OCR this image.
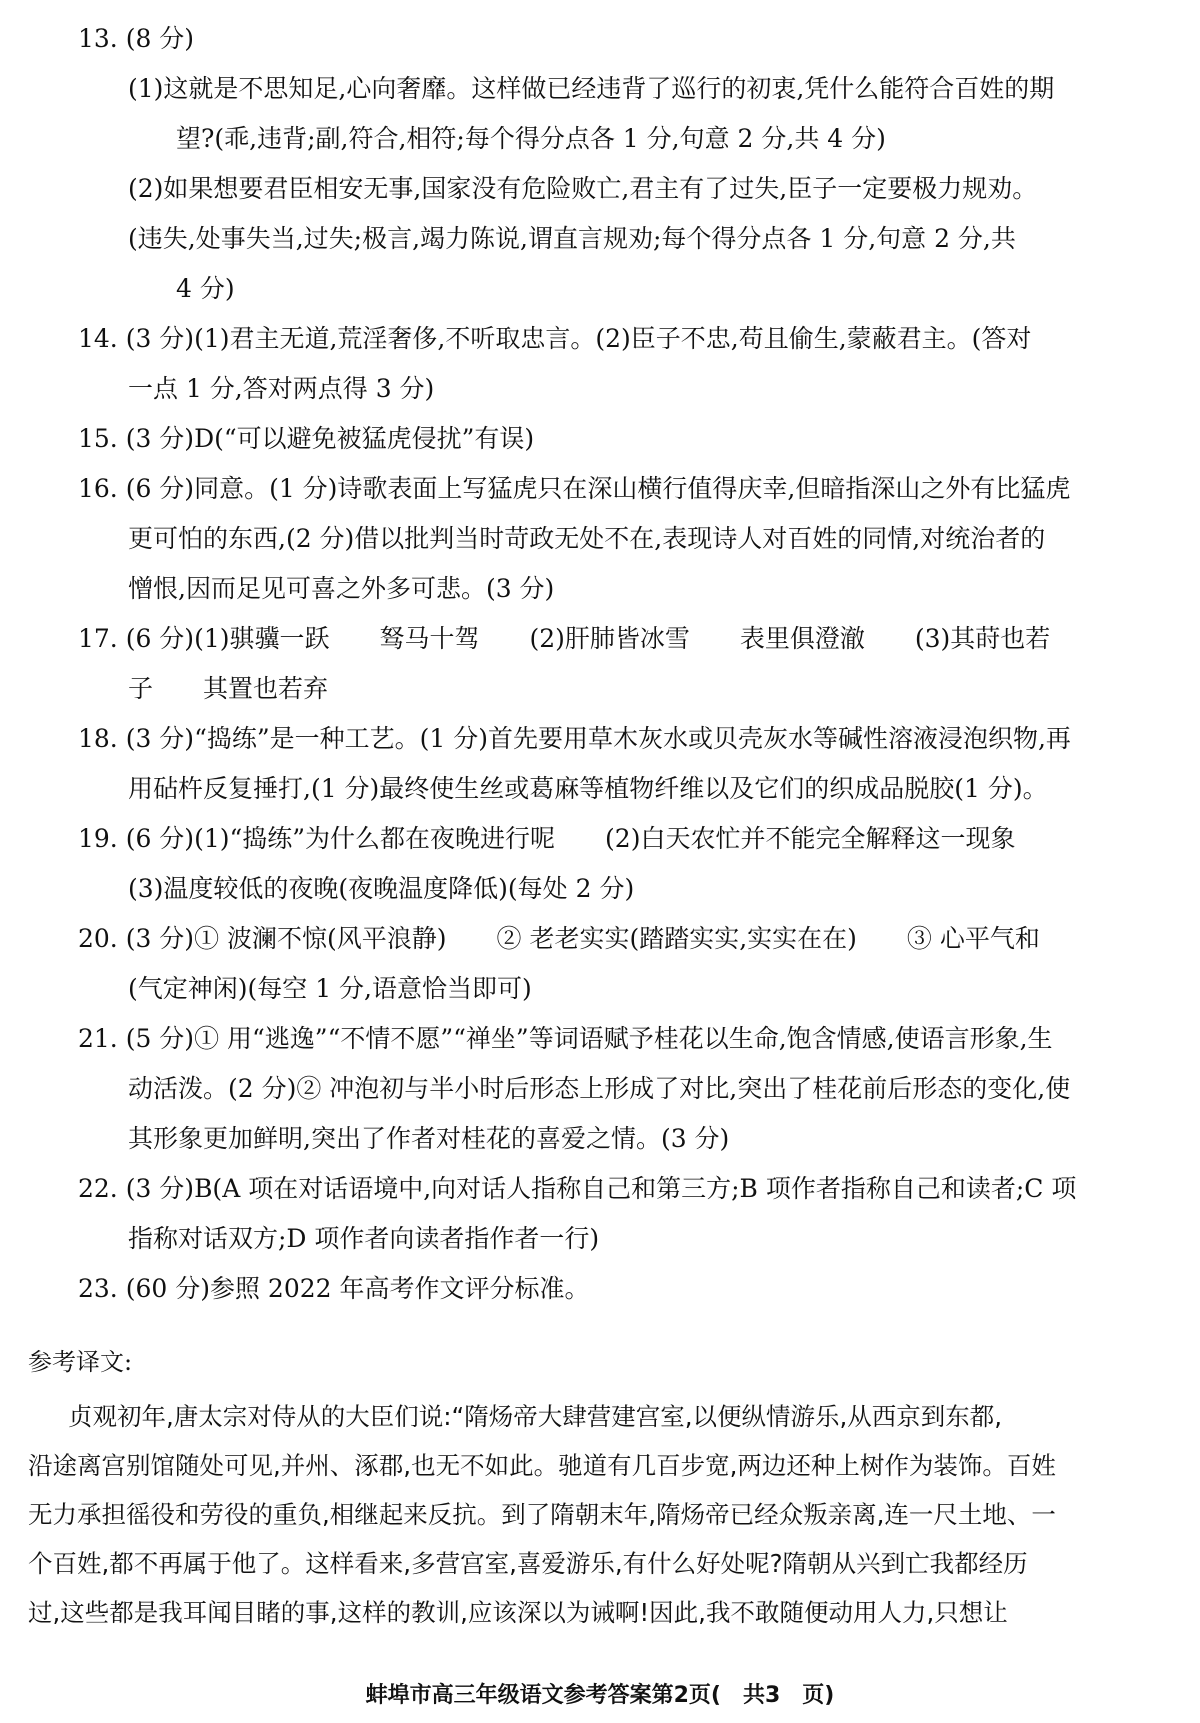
13. (8 分)

(1)这就是不思知足,心向奢靡。这样做已经违背了巡行的初衷,凭什么能符合百姓的期

望?(乖,违背;副,符合,相符;每个得分点各 1 分,句意 2 分,共 4 分)

(2)如果想要君臣相安无事,国家没有危险败亡,君主有了过失,臣子一定要极力规劝。

(违失,处事失当,过失;极言,竭力陈说,谓直言规劝;每个得分点各 1 分,句意 2 分,共

4 分)

14. (3 分)(1)君主无道,荒淫奢侈,不听取忠言。(2)臣子不忠,苟且偷生,蒙蔽君主。(答对

一点 1 分,答对两点得 3 分)

15. (3 分)D(“可以避免被猛虎侵扰”有误)

16. (6 分)同意。(1 分)诗歌表面上写猛虎只在深山横行值得庆幸,但暗指深山之外有比猛虎

更可怕的东西,(2 分)借以批判当时苛政无处不在,表现诗人对百姓的同情,对统治者的

憎恨,因而足见可喜之外多可悲。(3 分)

17. (6 分)(1)骐骥一跃　　驽马十驾　　(2)肝肺皆冰雪　　表里俱澄澈　　(3)其莳也若

子　　其置也若弃

18. (3 分)“捣练”是一种工艺。(1 分)首先要用草木灰水或贝壳灰水等碱性溶液浸泡织物,再

用砧杵反复捶打,(1 分)最终使生丝或葛麻等植物纤维以及它们的织成品脱胶(1 分)。

19. (6 分)(1)“捣练”为什么都在夜晚进行呢　　(2)白天农忙并不能完全解释这一现象

(3)温度较低的夜晚(夜晚温度降低)(每处 2 分)

20. (3 分)① 波澜不惊(风平浪静)　　② 老老实实(踏踏实实,实实在在)　　③ 心平气和

(气定神闲)(每空 1 分,语意恰当即可)

21. (5 分)① 用“逃逸”“不情不愿”“禅坐”等词语赋予桂花以生命,饱含情感,使语言形象,生

动活泼。(2 分)② 冲泡初与半小时后形态上形成了对比,突出了桂花前后形态的变化,使

其形象更加鲜明,突出了作者对桂花的喜爱之情。(3 分)

22. (3 分)B(A 项在对话语境中,向对话人指称自己和第三方;B 项作者指称自己和读者;C 项

指称对话双方;D 项作者向读者指作者一行)

23. (60 分)参照 2022 年高考作文评分标准。

参考译文:

贞观初年,唐太宗对侍从的大臣们说:“隋炀帝大肆营建宫室,以便纵情游乐,从西京到东都,

沿途离宫别馆随处可见,并州、涿郡,也无不如此。驰道有几百步宽,两边还种上树作为装饰。百姓

无力承担徭役和劳役的重负,相继起来反抗。到了隋朝末年,隋炀帝已经众叛亲离,连一尺土地、一

个百姓,都不再属于他了。这样看来,多营宫室,喜爱游乐,有什么好处呢?隋朝从兴到亡我都经历

过,这些都是我耳闻目睹的事,这样的教训,应该深以为诫啊!因此,我不敢随便动用人力,只想让

蚌埠市高三年级语文参考答案第2页(　共3　页)
